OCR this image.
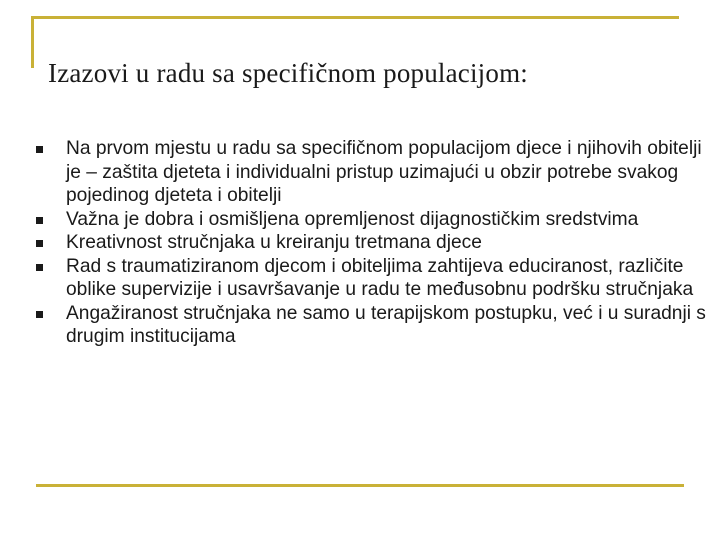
Izazovi u radu sa specifičnom populacijom:
Na prvom mjestu u radu sa specifičnom populacijom djece i njihovih obitelji je – zaštita djeteta i individualni pristup uzimajući u obzir potrebe svakog pojedinog djeteta i obitelji
Važna je dobra i osmišljena opremljenost dijagnostičkim sredstvima
Kreativnost stručnjaka u kreiranju tretmana djece
Rad s traumatiziranom djecom i obiteljima zahtijeva educiranost, različite oblike supervizije i usavršavanje u radu te međusobnu podršku stručnjaka
Angažiranost stručnjaka ne samo u terapijskom postupku, već i u suradnji s drugim institucijama
